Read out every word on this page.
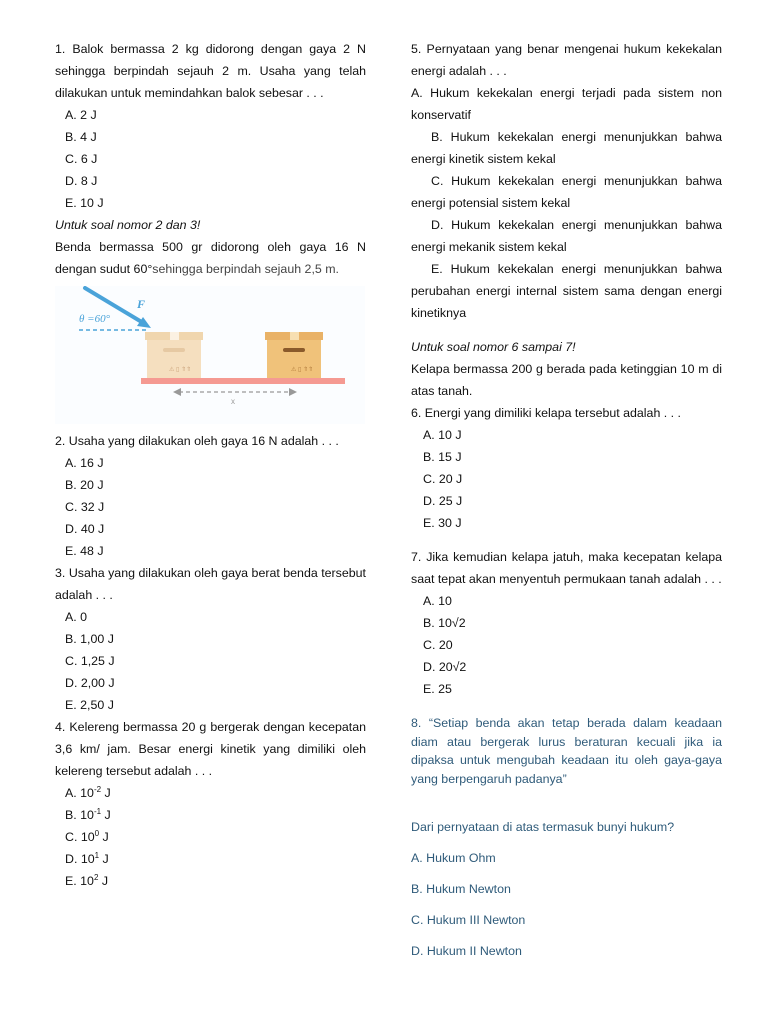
1. Balok bermassa 2 kg didorong dengan gaya 2 N sehingga berpindah sejauh 2 m. Usaha yang telah dilakukan untuk memindahkan balok sebesar . . .

A. 2 J
B. 4 J
C. 6 J
D. 8 J
E. 10 J

Untuk soal nomor 2 dan 3!

Benda bermassa 500 gr didorong oleh gaya 16 N dengan sudut 60°sehingga berpindah sejauh 2,5 m.

F
θ =60°
⚠ ▯ ⇑⇑	⚠ ▯ ⇑⇑
x

2. Usaha yang dilakukan oleh gaya 16 N adalah . . .

A. 16 J
B. 20 J
C. 32 J
D. 40 J
E. 48 J

3. Usaha yang dilakukan oleh gaya berat benda tersebut adalah . . .

A. 0
B. 1,00 J
C. 1,25 J
D. 2,00 J
E. 2,50 J

4. Kelereng bermassa 20 g bergerak dengan kecepatan 3,6 km/ jam. Besar energi kinetik yang dimiliki oleh kelereng tersebut adalah . . .

A. $10^{-2}$ J
B. $10^{-1}$ J
C. $10^0$ J
D. $10^1$ J
E. $10^2$ J

5. Pernyataan yang benar mengenai hukum kekekalan energi adalah . . .

A. Hukum kekekalan energi terjadi pada sistem non konservatif

B. Hukum kekekalan energi menunjukkan bahwa energi kinetik sistem kekal

C. Hukum kekekalan energi menunjukkan bahwa energi potensial sistem kekal

D. Hukum kekekalan energi menunjukkan bahwa energi mekanik sistem kekal

E. Hukum kekekalan energi menunjukkan bahwa perubahan energi internal sistem sama dengan energi kinetiknya

Untuk soal nomor 6 sampai 7!

Kelapa bermassa 200 g berada pada ketinggian 10 m di atas tanah.

6. Energi yang dimiliki kelapa tersebut adalah . . .

A. 10 J
B. 15 J
C. 20 J
D. 25 J
E. 30 J

7. Jika kemudian kelapa jatuh, maka kecepatan kelapa saat tepat akan menyentuh permukaan tanah adalah . . .

A. 10
B. 10√2
C. 20
D. 20√2
E. 25

8. “Setiap benda akan tetap berada dalam keadaan diam atau bergerak lurus beraturan kecuali jika ia dipaksa untuk mengubah keadaan itu oleh gaya-gaya yang berpengaruh padanya”

Dari pernyataan di atas termasuk bunyi hukum?
A. Hukum Ohm
B. Hukum Newton
C. Hukum III Newton
D. Hukum II Newton
